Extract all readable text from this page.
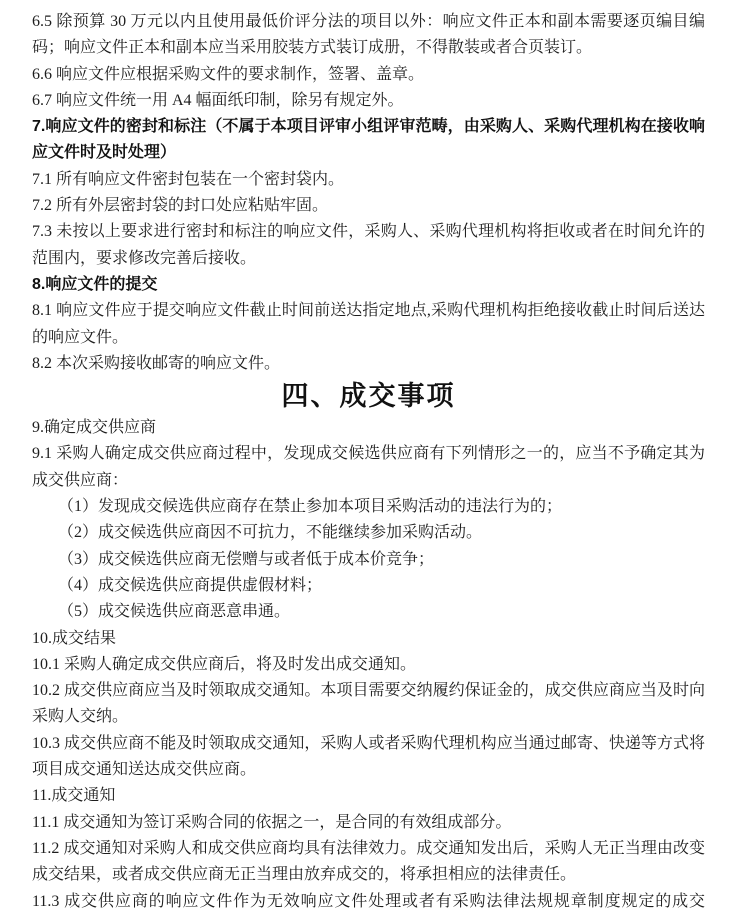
6.5 除预算 30 万元以内且使用最低价评分法的项目以外：响应文件正本和副本需要逐页编目编码；响应文件正本和副本应当采用胶装方式装订成册，不得散装或者合页装订。

6.6 响应文件应根据采购文件的要求制作，签署、盖章。

6.7 响应文件统一用 A4 幅面纸印制，除另有规定外。

7.响应文件的密封和标注（不属于本项目评审小组评审范畴，由采购人、采购代理机构在接收响应文件时及时处理）

7.1 所有响应文件密封包装在一个密封袋内。

7.2 所有外层密封袋的封口处应粘贴牢固。

7.3 未按以上要求进行密封和标注的响应文件，采购人、采购代理机构将拒收或者在时间允许的范围内，要求修改完善后接收。

8.响应文件的提交

8.1 响应文件应于提交响应文件截止时间前送达指定地点,采购代理机构拒绝接收截止时间后送达的响应文件。

8.2 本次采购接收邮寄的响应文件。

四、成交事项

9.确定成交供应商

9.1 采购人确定成交供应商过程中，发现成交候选供应商有下列情形之一的，应当不予确定其为成交供应商：

（1）发现成交候选供应商存在禁止参加本项目采购活动的违法行为的；

（2）成交候选供应商因不可抗力，不能继续参加采购活动。

（3）成交候选供应商无偿赠与或者低于成本价竞争；

（4）成交候选供应商提供虚假材料；

（5）成交候选供应商恶意串通。

10.成交结果

10.1 采购人确定成交供应商后，将及时发出成交通知。

10.2 成交供应商应当及时领取成交通知。本项目需要交纳履约保证金的，成交供应商应当及时向采购人交纳。

10.3 成交供应商不能及时领取成交通知，采购人或者采购代理机构应当通过邮寄、快递等方式将项目成交通知送达成交供应商。

11.成交通知

11.1 成交通知为签订采购合同的依据之一，是合同的有效组成部分。

11.2 成交通知对采购人和成交供应商均具有法律效力。成交通知发出后，采购人无正当理由改变成交结果，或者成交供应商无正当理由放弃成交的，将承担相应的法律责任。

11.3 成交供应商的响应文件作为无效响应文件处理或者有采购法律法规规章制度规定的成交
